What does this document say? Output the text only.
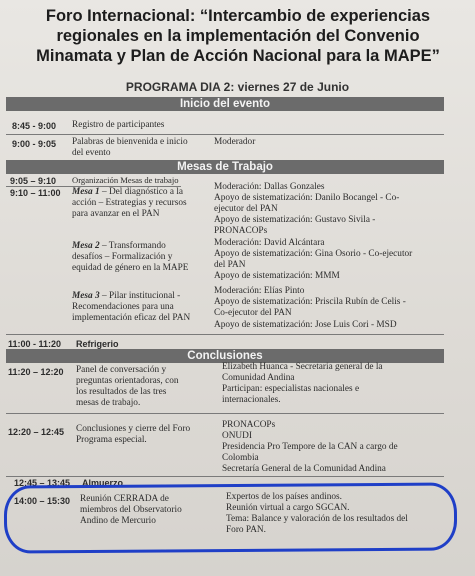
Foro Internacional: “Intercambio de experiencias
regionales en la implementación del Convenio
Minamata y Plan de Acción Nacional para la MAPE”
PROGRAMA DIA 2: viernes 27 de Junio
Inicio del evento
8:45 - 9:00 Registro de participantes
9:00 - 9:05 Palabras de bienvenida e inicio
del evento
Moderador
Mesas de Trabajo
9:05 – 9:10 Organización Mesas de trabajo
9:10 – 11:00 Mesa 1 – Del diagnóstico a la
acción – Estrategias y recursos
para avanzar en el PAN
Moderación: Dallas Gonzales
Apoyo de sistematización: Danilo Bocangel - Co-
ejecutor del PAN
Apoyo de sistematización: Gustavo Sivila -
PRONACOPs
Mesa 2 – Transformando
desafíos – Formalización y
equidad de género en la MAPE
Moderación: David Alcántara
Apoyo de sistematización: Gina Osorio - Co-ejecutor
del PAN
Apoyo de sistematización: MMM
Mesa 3 – Pilar institucional -
Recomendaciones para una
implementación eficaz del PAN
Moderación: Elías Pinto
Apoyo de sistematización: Priscila Rubín de Celis -
Co-ejecutor del PAN
Apoyo de sistematización: Jose Luis Cori - MSD
11:00 - 11:20 Refrigerio
Conclusiones
11:20 – 12:20 Panel de conversación y
preguntas orientadoras, con
los resultados de las tres
mesas de trabajo.
Elizabeth Huanca - Secretaria general de la
Comunidad Andina
Participan: especialistas nacionales e
internacionales.
12:20 – 12:45 Conclusiones y cierre del Foro
Programa especial.
PRONACOPs
ONUDI
Presidencia Pro Tempore de la CAN a cargo de
Colombia
Secretaría General de la Comunidad Andina
12:45 – 13:45 Almuerzo
14:00 – 15:30 Reunión CERRADA de
miembros del Observatorio
Andino de Mercurio
Expertos de los países andinos.
Reunión virtual a cargo SGCAN.
Tema: Balance y valoración de los resultados del
Foro PAN.
